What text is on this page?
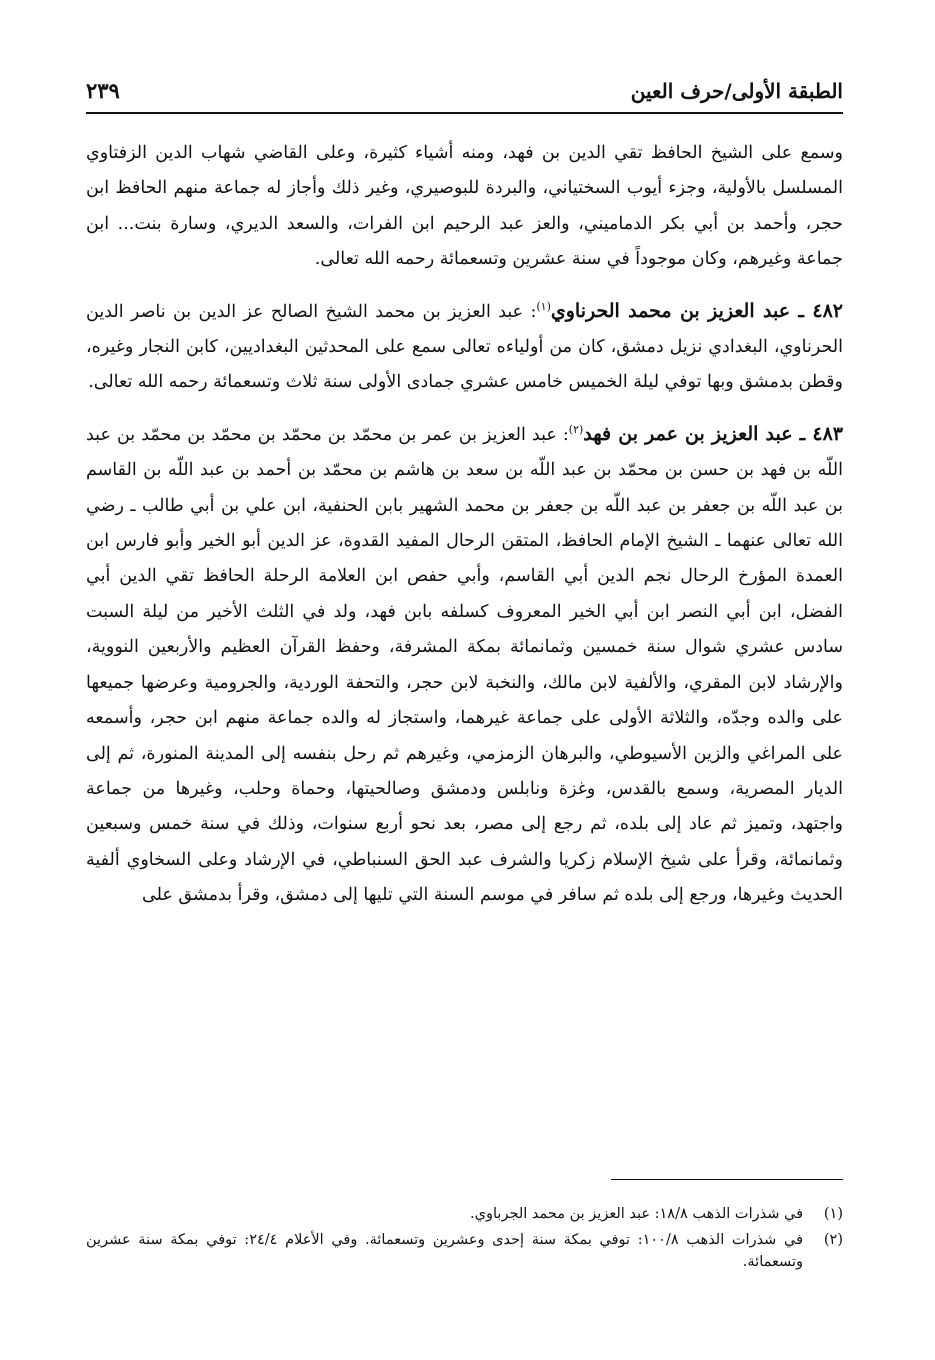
الطبقة الأولى/حرف العين
٢٣٩

وسمع على الشيخ الحافظ تقي الدين بن فهد، ومنه أشياء كثيرة، وعلى القاضي شهاب الدين الزفتاوي المسلسل بالأولية، وجزء أيوب السختياني، والبردة للبوصيري، وغير ذلك وأجاز له جماعة منهم الحافظ ابن حجر، وأحمد بن أبي بكر الدماميني، والعز عبد الرحيم ابن الفرات، والسعد الديري، وسارة بنت... ابن جماعة وغيرهم، وكان موجوداً في سنة عشرين وتسعمائة رحمه الله تعالى.

٤٨٢ ـ عبد العزيز بن محمد الحرناوي$^{(١)}$: عبد العزيز بن محمد الشيخ الصالح عز الدين بن ناصر الدين الحرناوي، البغدادي نزيل دمشق، كان من أولياءه تعالى سمع على المحدثين البغداديين، كابن النجار وغيره، وقطن بدمشق وبها توفي ليلة الخميس خامس عشري جمادى الأولى سنة ثلاث وتسعمائة رحمه الله تعالى.

٤٨٣ ـ عبد العزيز بن عمر بن فهد$^{(٢)}$: عبد العزيز بن عمر بن محمّد بن محمّد بن محمّد بن محمّد بن عبد اللّه بن فهد بن حسن بن محمّد بن عبد اللّه بن سعد بن هاشم بن محمّد بن أحمد بن عبد اللّه بن القاسم بن عبد اللّه بن جعفر بن عبد اللّه بن جعفر بن محمد الشهير بابن الحنفية، ابن علي بن أبي طالب ـ رضي الله تعالى عنهما ـ الشيخ الإمام الحافظ، المتقن الرحال المفيد القدوة، عز الدين أبو الخير وأبو فارس ابن العمدة المؤرخ الرحال نجم الدين أبي القاسم، وأبي حفص ابن العلامة الرحلة الحافظ تقي الدين أبي الفضل، ابن أبي النصر ابن أبي الخير المعروف كسلفه بابن فهد، ولد في الثلث الأخير من ليلة السبت سادس عشري شوال سنة خمسين وثمانمائة بمكة المشرفة، وحفظ القرآن العظيم والأربعين النووية، والإرشاد لابن المقري، والألفية لابن مالك، والنخبة لابن حجر، والتحفة الوردية، والجرومية وعرضها جميعها على والده وجدّه، والثلاثة الأولى على جماعة غيرهما، واستجاز له والده جماعة منهم ابن حجر، وأسمعه على المراغي والزين الأسيوطي، والبرهان الزمزمي، وغيرهم ثم رحل بنفسه إلى المدينة المنورة، ثم إلى الديار المصرية، وسمع بالقدس، وغزة ونابلس ودمشق وصالحيتها، وحماة وحلب، وغيرها من جماعة واجتهد، وتميز ثم عاد إلى بلده، ثم رجع إلى مصر، بعد نحو أربع سنوات، وذلك في سنة خمس وسبعين وثمانمائة، وقرأ على شيخ الإسلام زكريا والشرف عبد الحق السنباطي، في الإرشاد وعلى السخاوي ألفية الحديث وغيرها، ورجع إلى بلده ثم سافر في موسم السنة التي تليها إلى دمشق، وقرأ بدمشق على

(١)
في شذرات الذهب ١٨/٨: عبد العزيز بن محمد الجرباوي.
(٢)
في شذرات الذهب ١٠٠/٨: توفي بمكة سنة إحدى وعشرين وتسعمائة. وفي الأعلام ٢٤/٤: توفي بمكة سنة عشرين وتسعمائة.
